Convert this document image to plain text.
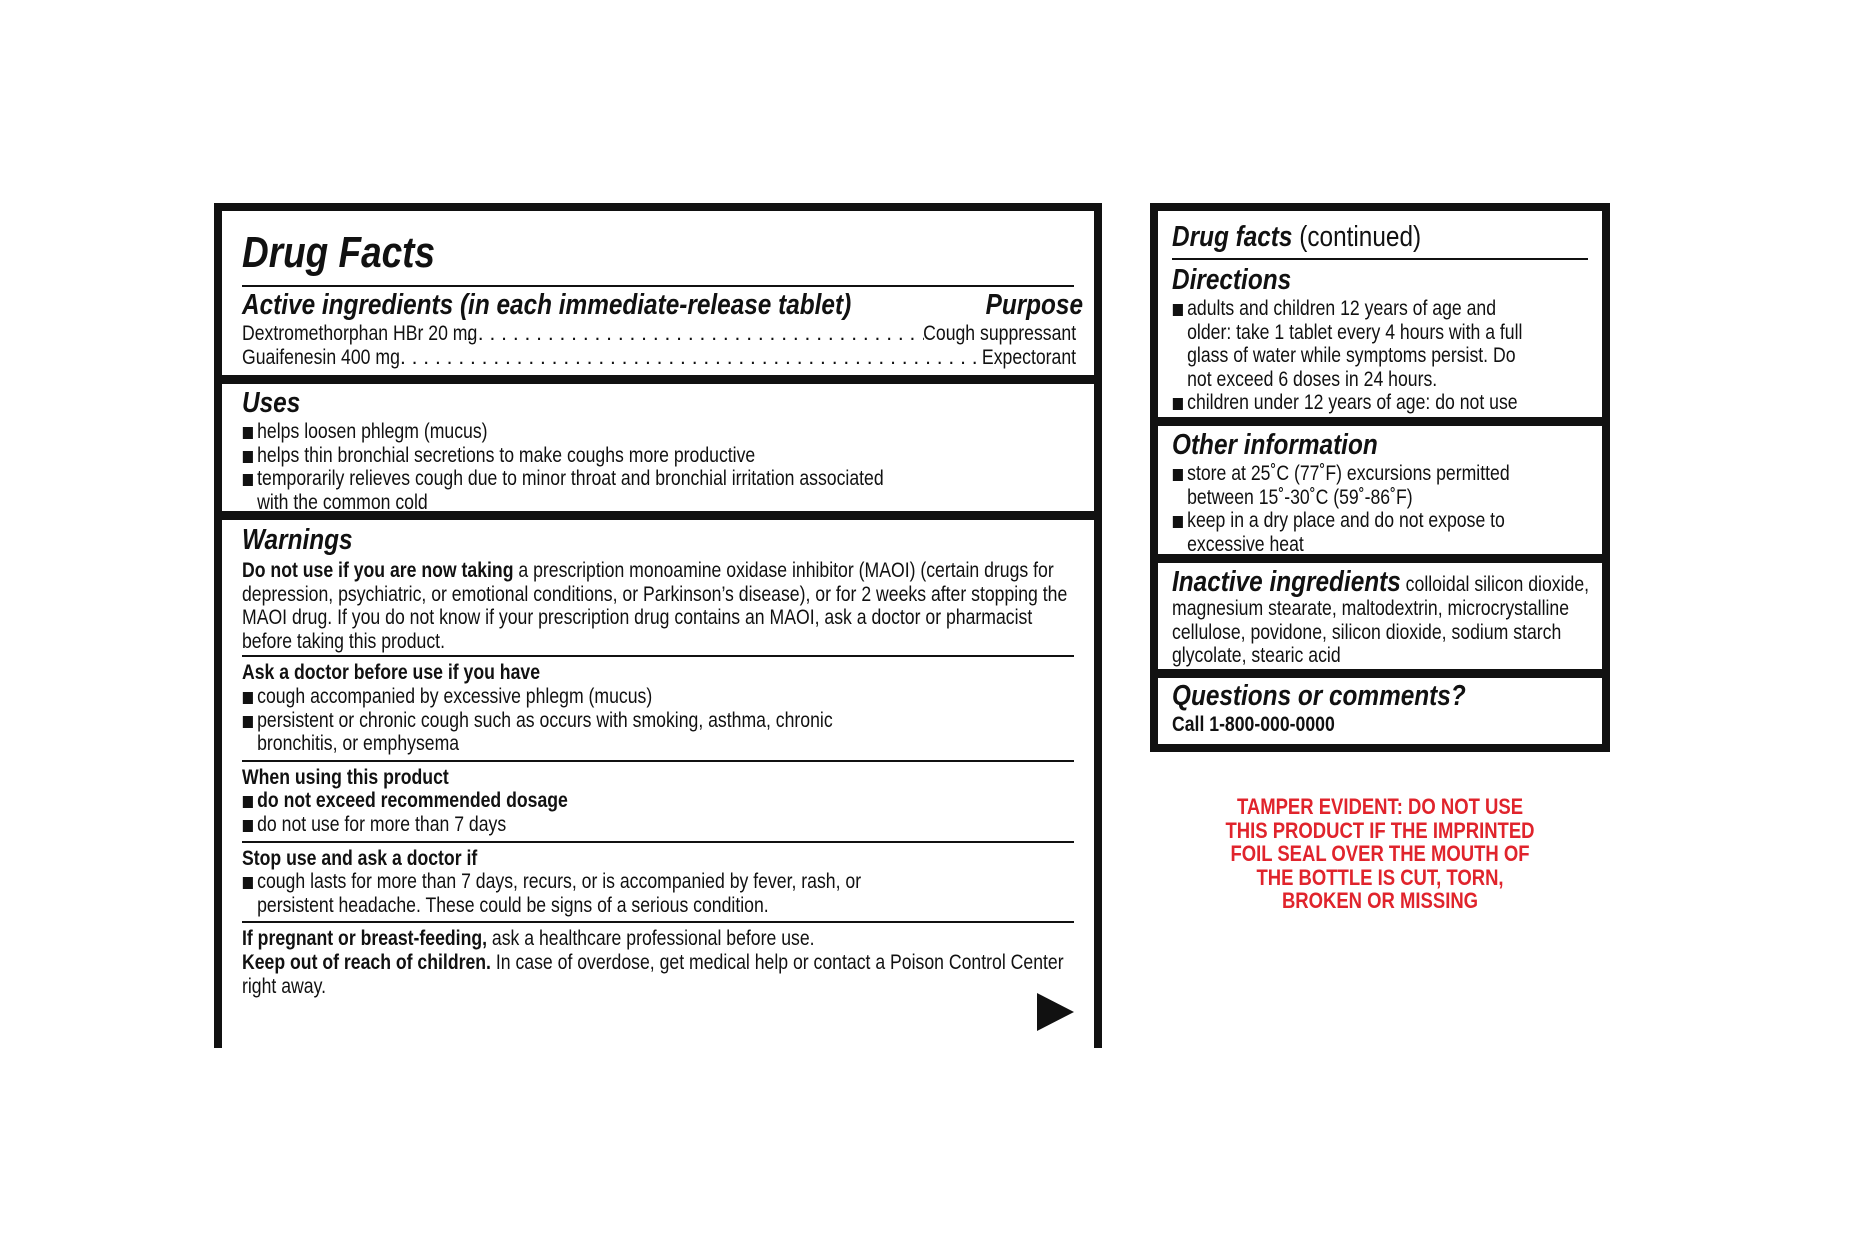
Drug Facts
Active ingredients (in each immediate-release tablet)	Purpose
Dextromethorphan HBr 20 mg . . .	Cough suppressant
Guaifenesin 400 mg . . .	Expectorant
Uses
helps loosen phlegm (mucus)
helps thin bronchial secretions to make coughs more productive
temporarily relieves cough due to minor throat and bronchial irritation associated with the common cold
Warnings
Do not use if you are now taking a prescription monoamine oxidase inhibitor (MAOI) (certain drugs for depression, psychiatric, or emotional conditions, or Parkinson’s disease), or for 2 weeks after stopping the MAOI drug. If you do not know if your prescription drug contains an MAOI, ask a doctor or pharmacist before taking this product.
Ask a doctor before use if you have
cough accompanied by excessive phlegm (mucus)
persistent or chronic cough such as occurs with smoking, asthma, chronic bronchitis, or emphysema
When using this product
do not exceed recommended dosage
do not use for more than 7 days
Stop use and ask a doctor if
cough lasts for more than 7 days, recurs, or is accompanied by fever, rash, or persistent headache. These could be signs of a serious condition.
If pregnant or breast-feeding, ask a healthcare professional before use.
Keep out of reach of children. In case of overdose, get medical help or contact a Poison Control Center right away.
Drug facts (continued)
Directions
adults and children 12 years of age and older: take 1 tablet every 4 hours with a full glass of water while symptoms persist. Do not exceed 6 doses in 24 hours.
children under 12 years of age: do not use
Other information
store at 25˚C (77˚F) excursions permitted between 15˚-30˚C (59˚-86˚F)
keep in a dry place and do not expose to excessive heat
Inactive ingredients colloidal silicon dioxide, magnesium stearate, maltodextrin, microcrystalline cellulose, povidone, silicon dioxide, sodium starch glycolate, stearic acid
Questions or comments?
Call 1-800-000-0000
TAMPER EVIDENT: DO NOT USE THIS PRODUCT IF THE IMPRINTED FOIL SEAL OVER THE MOUTH OF THE BOTTLE IS CUT, TORN, BROKEN OR MISSING
